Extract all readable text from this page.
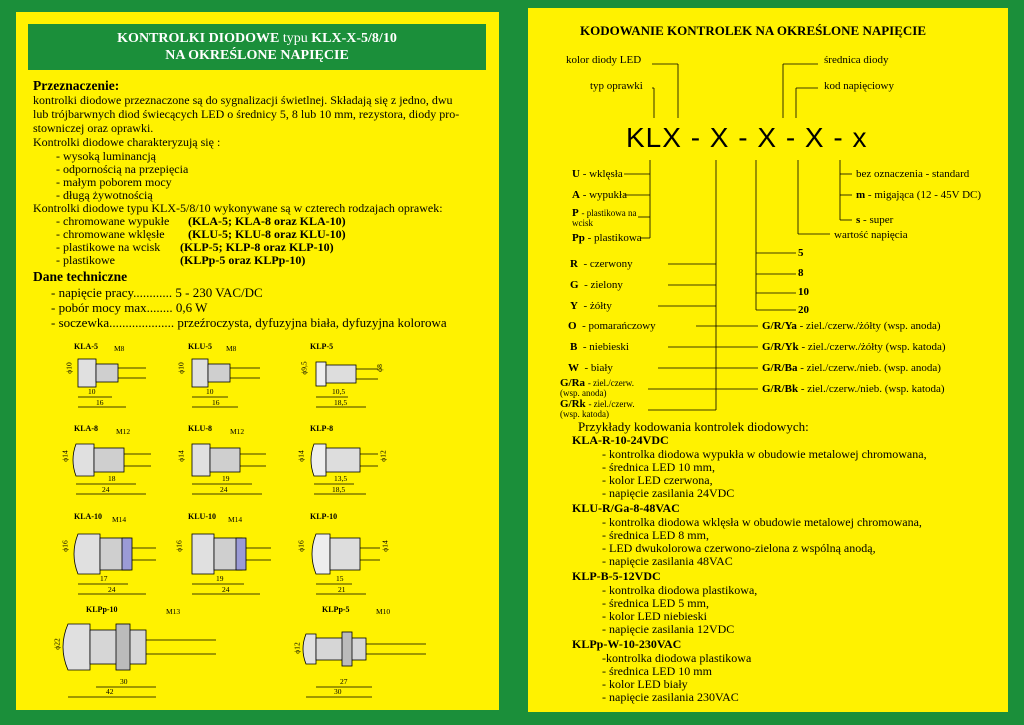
KONTROLKI DIODOWE typu KLX-X-5/8/10
NA OKREŚLONE NAPIĘCIE
Przeznaczenie:
kontrolki diodowe przeznaczone są do sygnalizacji świetlnej. Składają się z jedno, dwu
lub trójbarwnych diod świecących LED o średnicy 5, 8 lub 10 mm, rezystora, diody pro-
stowniczej oraz oprawki.
Kontrolki diodowe charakteryzują się :
- wysoką luminancją
- odpornością na przepięcia
- małym poborem mocy
- długą żywotnością
Kontrolki diodowe typu KLX-5/8/10 wykonywane są w czterech rodzajach oprawek:
- chromowane wypukłe (KLA-5; KLA-8 oraz KLA-10)
- chromowane wklęsłe (KLU-5; KLU-8 oraz KLU-10)
- plastikowe na wcisk (KLP-5; KLP-8 oraz KLP-10)
- plastikowe	(KLPp-5 oraz KLPp-10)
Dane techniczne
- napięcie pracy............ 5 - 230 VAC/DC
- pobór mocy max........ 0,6 W
- soczewka.................... przeźroczysta, dyfuzyjna biała, dyfuzyjna kolorowa
KLA-5 M8
ϕ10
10
16
KLU-5 M8
ϕ10
10
16
KLP-5
ϕ9,5	ϕ8
10,5
18,5
KLA-8 M12
ϕ14
18
24
KLU-8 M12
ϕ14
19
24
KLP-8
ϕ14	ϕ12
13,5
18,5
KLA-10 M14
ϕ16
17
24
KLU-10 M14
ϕ16
19
24
KLP-10
ϕ16	ϕ14
15
21
KLPp-10	M13
ϕ22
30
42
KLPp-5	M10
ϕ12
27
30
KODOWANIE KONTROLEK NA OKREŚLONE NAPIĘCIE
kolor diody LED	średnica diody
typ oprawki	kod napięciowy
KLX - X - X - X - x
U - wklęsła
A - wypukła
P - plastikowa na wcisk
Pp - plastikowa
bez oznaczenia - standard
m - migająca (12 - 45V DC)
s - super
wartość napięcia
5
8
10
20
R - czerwony
G - zielony
Y - żółty
O - pomarańczowy
B - niebieski
W - biały
G/Ra - ziel./czerw. (wsp. anoda)
G/Rk - ziel./czerw. (wsp. katoda)
G/R/Ya - ziel./czerw./żółty (wsp. anoda)
G/R/Yk - ziel./czerw./żółty (wsp. katoda)
G/R/Ba - ziel./czerw./nieb. (wsp. anoda)
G/R/Bk - ziel./czerw./nieb. (wsp. katoda)
Przykłady kodowania kontrolek diodowych:
KLA-R-10-24VDC
- kontrolka diodowa wypukła w obudowie metalowej chromowana,
- średnica LED 10 mm,
- kolor LED czerwona,
- napięcie zasilania 24VDC
KLU-R/Ga-8-48VAC
- kontrolka diodowa wklęsła w obudowie metalowej chromowana,
- średnica LED 8 mm,
- LED dwukolorowa czerwono-zielona z wspólną anodą,
- napięcie zasilania 48VAC
KLP-B-5-12VDC
- kontrolka diodowa plastikowa,
- średnica LED 5 mm,
- kolor LED niebieski
- napięcie zasilania 12VDC
KLPp-W-10-230VAC
-kontrolka diodowa plastikowa
- średnica LED 10 mm
- kolor LED biały
- napięcie zasilania 230VAC
